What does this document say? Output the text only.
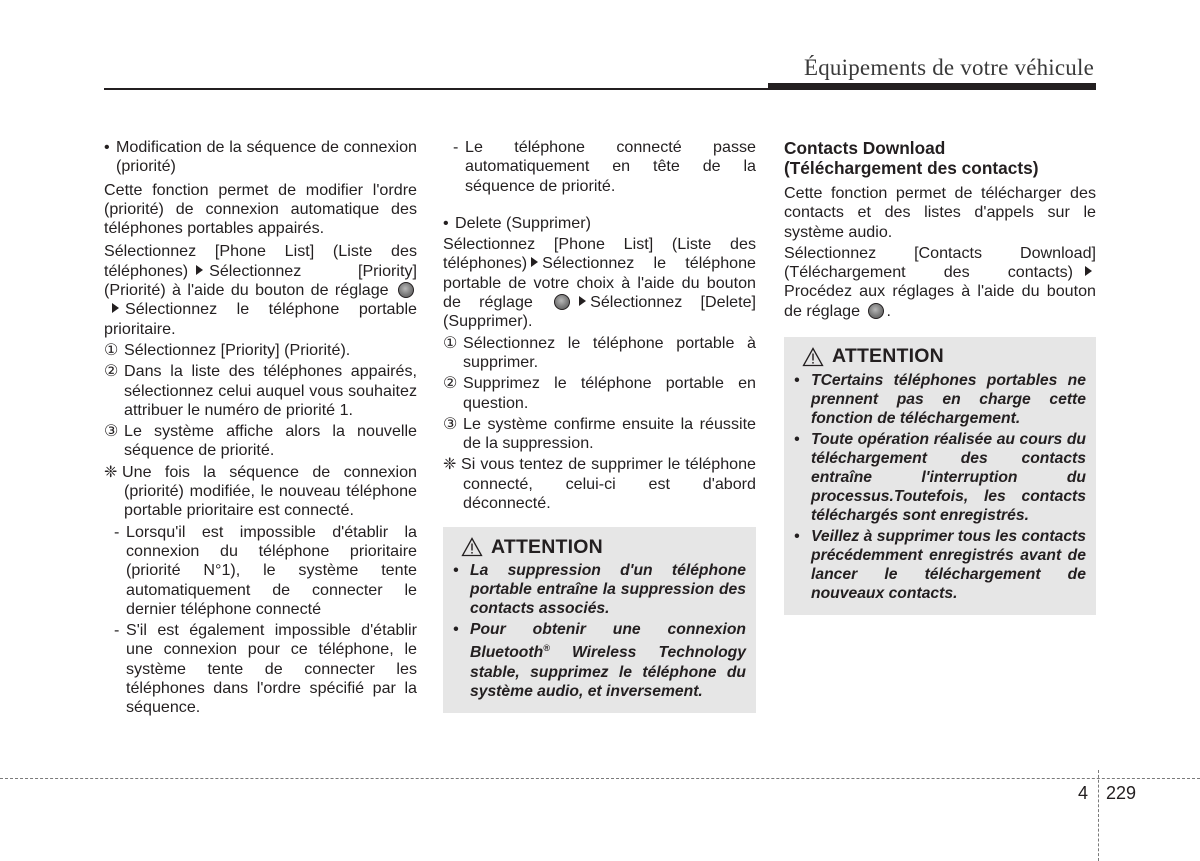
Équipements de votre véhicule

• Modification de la séquence de connexion (priorité)

Cette fonction permet de modifier l'ordre (priorité) de connexion automatique des téléphones portables appairés.

Sélectionnez [Phone List] (Liste des téléphones) Sélectionnez [Priority] (Priorité) à l'aide du bouton de réglage Sélectionnez le téléphone portable prioritaire.

① Sélectionnez [Priority] (Priorité).

② Dans la liste des téléphones appairés, sélectionnez celui auquel vous souhaitez attribuer le numéro de priorité 1.

③ Le système affiche alors la nouvelle séquence de priorité.

❈ Une fois la séquence de connexion (priorité) modifiée, le nouveau téléphone portable prioritaire est connecté.

- Lorsqu'il est impossible d'établir la connexion du téléphone prioritaire (priorité N°1), le système tente automatiquement de connecter le dernier téléphone connecté

- S'il est également impossible d'établir une connexion pour ce téléphone, le système tente de connecter les téléphones dans l'ordre spécifié par la séquence.

- Le téléphone connecté passe automatiquement en tête de la séquence de priorité.

• Delete (Supprimer)

Sélectionnez [Phone List] (Liste des téléphones) Sélectionnez le téléphone portable de votre choix à l'aide du bouton de réglage	Sélectionnez [Delete] (Supprimer).

① Sélectionnez le téléphone portable à supprimer.

② Supprimez le téléphone portable en question.

③ Le système confirme ensuite la réussite de la suppression.

❈ Si vous tentez de supprimer le téléphone connecté, celui-ci est d'abord déconnecté.

ATTENTION

• La suppression d'un téléphone portable entraîne la suppression des contacts associés.

• Pour obtenir une connexion Bluetooth® Wireless Technology stable, supprimez le téléphone du système audio, et inversement.

Contacts Download
(Téléchargement des contacts)

Cette fonction permet de télécharger des contacts et des listes d'appels sur le système audio.

Sélectionnez [Contacts Download] (Téléchargement des contacts) Procédez aux réglages à l'aide du bouton de réglage .

ATTENTION

• TCertains téléphones portables ne prennent pas en charge cette fonction de téléchargement.

• Toute opération réalisée au cours du téléchargement des contacts entraîne l'interruption du processus.Toutefois, les contacts téléchargés sont enregistrés.

• Veillez à supprimer tous les contacts précédemment enregistrés avant de lancer le téléchargement de nouveaux contacts.

4 229
